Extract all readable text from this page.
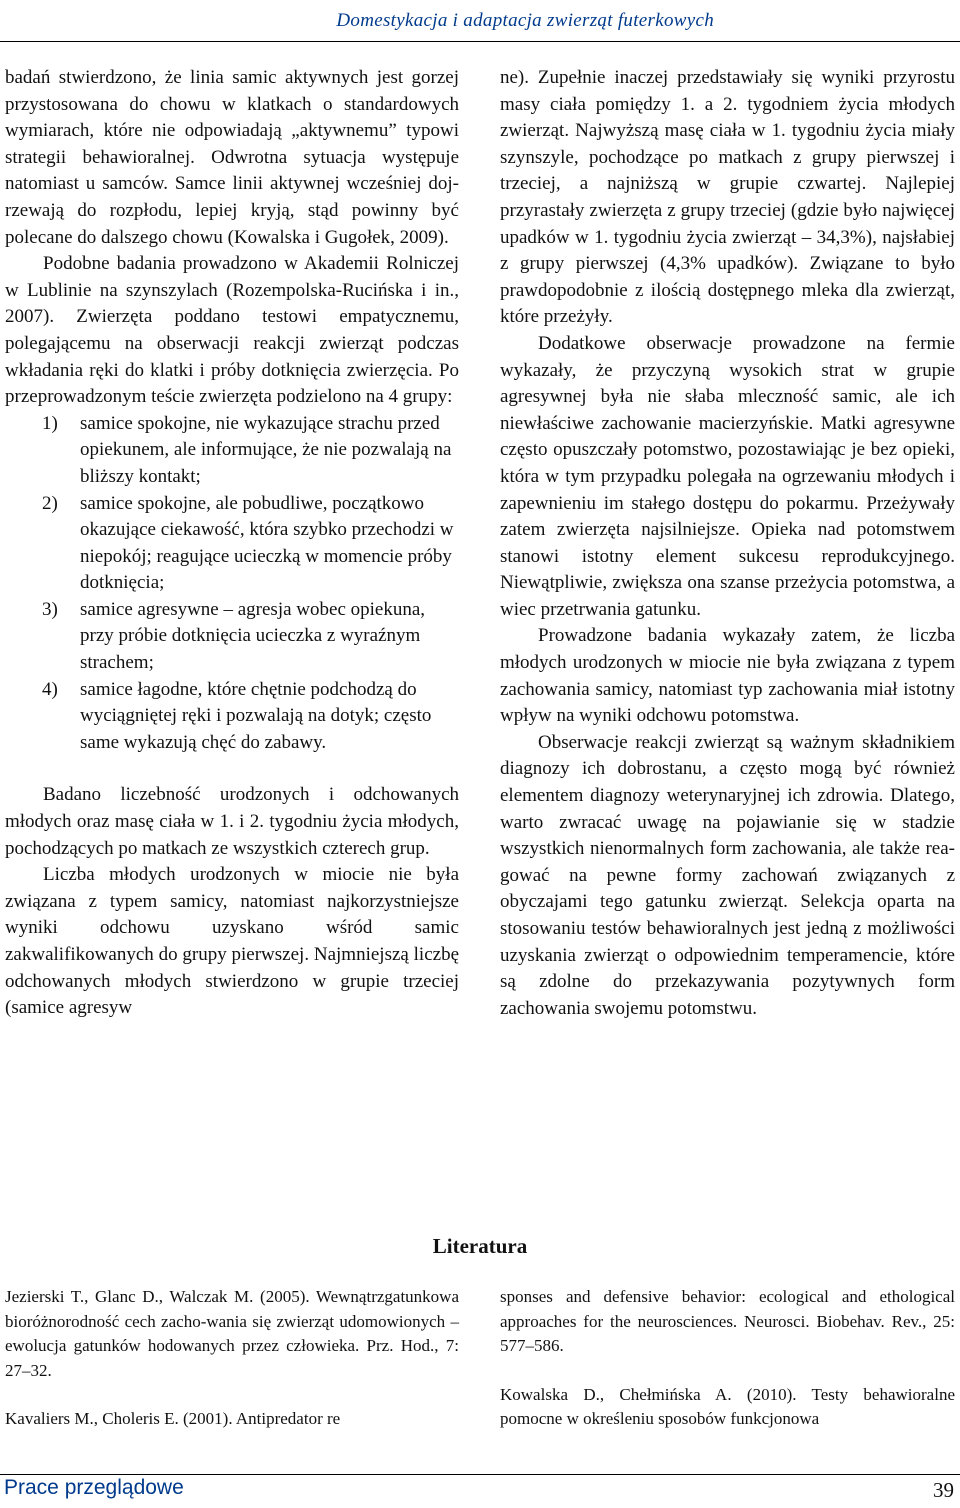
Domestykacja i adaptacja zwierząt futerkowych

badań stwierdzono, że linia samic aktywnych jest gorzej przystosowana do chowu w klatkach o standardowych wymiarach, które nie odpowiadają „aktywnemu” typowi strategii behawioralnej. Odwrotna sytuacja występuje natomiast u samców. Samce linii aktywnej wcześniej dojrzewają do rozpłodu, lepiej kryją, stąd powinny być polecane do dalszego chowu (Kowalska i Gugołek, 2009).

Podobne badania prowadzono w Akademii Rolniczej w Lublinie na szynszylach (Rozempolska-Rucińska i in., 2007). Zwierzęta poddano testowi empatycznemu, polegającemu na obserwacji reakcji zwierząt podczas wkładania ręki do klatki i próby dotknięcia zwierzęcia. Po przeprowadzonym teście zwierzęta podzielono na 4 grupy:

1) samice spokojne, nie wykazujące strachu przed opiekunem, ale informujące, że nie pozwalają na bliższy kontakt;
2) samice spokojne, ale pobudliwe, początkowo okazujące ciekawość, która szybko przechodzi w niepokój; reagujące ucieczką w momencie próby dotknięcia;
3) samice agresywne – agresja wobec opiekuna, przy próbie dotknięcia ucieczka z wyraźnym strachem;
4) samice łagodne, które chętnie podchodzą do wyciągniętej ręki i pozwalają na dotyk; często same wykazują chęć do zabawy.

Badano liczebność urodzonych i odchowanych młodych oraz masę ciała w 1. i 2. tygodniu życia młodych, pochodzących po matkach ze wszystkich czterech grup.

Liczba młodych urodzonych w miocie nie była związana z typem samicy, natomiast najkorzystniejsze wyniki odchowu uzyskano wśród samic zakwalifikowanych do grupy pierwszej. Najmniejszą liczbę odchowanych młodych stwierdzono w grupie trzeciej (samice agresyw

ne). Zupełnie inaczej przedstawiały się wyniki przyrostu masy ciała pomiędzy 1. a 2. tygodniem życia młodych zwierząt. Najwyższą masę ciała w 1. tygodniu życia miały szynszyle, pochodzące po matkach z grupy pierwszej i trzeciej, a najniższą w grupie czwartej. Najlepiej przyrastały zwierzęta z grupy trzeciej (gdzie było najwięcej upadków w 1. tygodniu życia zwierząt – 34,3%), najsłabiej z grupy pierwszej (4,3% upadków). Związane to było prawdopodobnie z ilością dostępnego mleka dla zwierząt, które przeżyły.

Dodatkowe obserwacje prowadzone na fermie wykazały, że przyczyną wysokich strat w grupie agresywnej była nie słaba mleczność samic, ale ich niewłaściwe zachowanie macierzyńskie. Matki agresywne często opuszczały potomstwo, pozostawiając je bez opieki, która w tym przypadku polegała na ogrzewaniu młodych i zapewnieniu im stałego dostępu do pokarmu. Przeżywały zatem zwierzęta najsilniejsze. Opieka nad potomstwem stanowi istotny element sukcesu reprodukcyjnego. Niewątpliwie, zwiększa ona szanse przeżycia potomstwa, a wiec przetrwania gatunku.

Prowadzone badania wykazały zatem, że liczba młodych urodzonych w miocie nie była związana z typem zachowania samicy, natomiast typ zachowania miał istotny wpływ na wyniki odchowu potomstwa.

Obserwacje reakcji zwierząt są ważnym składnikiem diagnozy ich dobrostanu, a często mogą być również elementem diagnozy weterynaryjnej ich zdrowia. Dlatego, warto zwracać uwagę na pojawianie się w stadzie wszystkich nienormalnych form zachowania, ale także reagować na pewne formy zachowań związanych z obyczajami tego gatunku zwierząt. Selekcja oparta na stosowaniu testów behawioralnych jest jedną z możliwości uzyskania zwierząt o odpowiednim temperamencie, które są zdolne do przekazywania pozytywnych form zachowania swojemu potomstwu.

Literatura

Jezierski T., Glanc D., Walczak M. (2005). Wewnątrzgatunkowa bioróżnorodność cech zacho-wania się zwierząt udomowionych – ewolucja gatunków hodowanych przez człowieka. Prz. Hod., 7: 27–32.

Kavaliers M., Choleris E. (2001). Antipredator re

sponses and defensive behavior: ecological and ethological approaches for the neurosciences. Neurosci. Biobehav. Rev., 25: 577–586.

Kowalska D., Chełmińska A. (2010). Testy behawioralne pomocne w określeniu sposobów funkcjonowa

Prace przeglądowe	39
